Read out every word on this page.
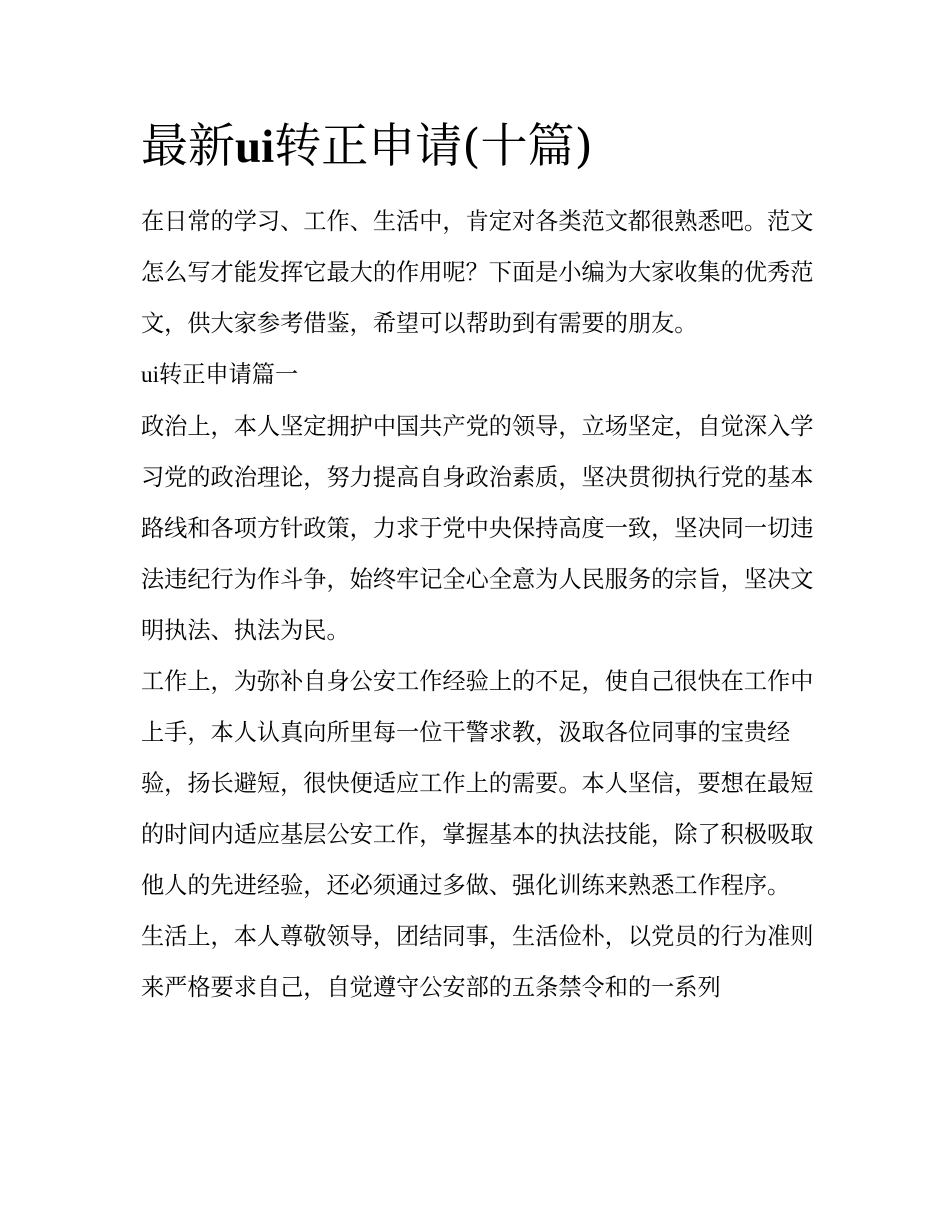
最新ui转正申请(十篇)

在日常的学习、工作、生活中，肯定对各类范文都很熟悉吧。范文怎么写才能发挥它最大的作用呢？下面是小编为大家收集的优秀范文，供大家参考借鉴，希望可以帮助到有需要的朋友。

ui转正申请篇一

政治上，本人坚定拥护中国共产党的领导，立场坚定，自觉深入学习党的政治理论，努力提高自身政治素质，坚决贯彻执行党的基本路线和各项方针政策，力求于党中央保持高度一致，坚决同一切违法违纪行为作斗争，始终牢记全心全意为人民服务的宗旨，坚决文明执法、执法为民。

工作上，为弥补自身公安工作经验上的不足，使自己很快在工作中上手，本人认真向所里每一位干警求教，汲取各位同事的宝贵经验，扬长避短，很快便适应工作上的需要。本人坚信，要想在最短的时间内适应基层公安工作，掌握基本的执法技能，除了积极吸取他人的先进经验，还必须通过多做、强化训练来熟悉工作程序。

生活上，本人尊敬领导，团结同事，生活俭朴，以党员的行为准则来严格要求自己，自觉遵守公安部的五条禁令和的一系列
